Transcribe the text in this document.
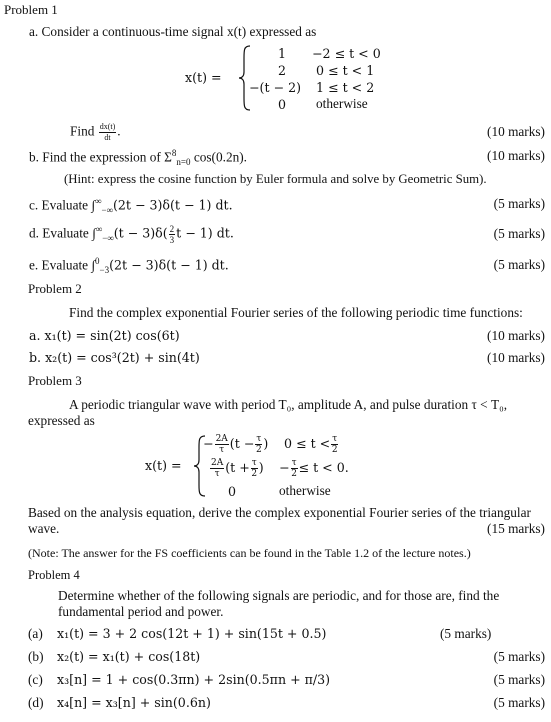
Problem 1
a. Consider a continuous-time signal x(t) expressed as
x(t) =
1 −2 ≤ t < 0
2 0 ≤ t < 1
−(t − 2) 1 ≤ t < 2
0 otherwise
Find $\frac{dx(t)}{dt}$ .	(10 marks)
b. Find the expression of $\Sigma^8_{n=0}$ cos(0.2n).	(10 marks)
(Hint: express the cosine function by Euler formula and solve by Geometric Sum).
c. Evaluate $\int^\infty_{-\infty}(2t - 3)\delta(t - 1)$ dt.	(5 marks)
d. Evaluate $\int^\infty_{-\infty}(t - 3)\delta( \frac{2}{3}$ t − 1) dt.	(5 marks)
e. Evaluate ∫$^0_{-3}$(2t − 3)δ(t − 1) dt.	(5 marks)
Problem 2
Find the complex exponential Fourier series of the following periodic time functions:
a. x₁(t) = sin(2t) cos(6t)	(10 marks)
b. x₂(t) = cos³(2t) + sin(4t)	(10 marks)
Problem 3
A periodic triangular wave with period T₀, amplitude A, and pulse duration τ < T₀,
expressed as
x(t) =
− $\frac{2A}{\tau} (t - \frac{\tau}{2}$ ) $0 \le t < \frac{\tau}{2}$
$\frac{2A}{\tau} (t + \frac{\tau}{2}$ ) − $\frac{\tau}{2} \le t < 0$.
0	otherwise
Based on the analysis equation, derive the complex exponential Fourier series of the triangular
wave.	(15 marks)
(Note: The answer for the FS coefficients can be found in the Table 1.2 of the lecture notes.)
Problem 4
Determine whether of the following signals are periodic, and for those are, find the
fundamental period and power.
(a) x₁(t) = 3 + 2 cos(12t + 1) + sin(15t + 0.5)	(5 marks)
(b) x₂(t) = x₁(t) + cos(18t)	(5 marks)
(c) x₃[n] = 1 + cos(0.3πn) + 2sin(0.5πn + π/3)	(5 marks)
(d) x₄[n] = x₃[n] + sin(0.6n)	(5 marks)
